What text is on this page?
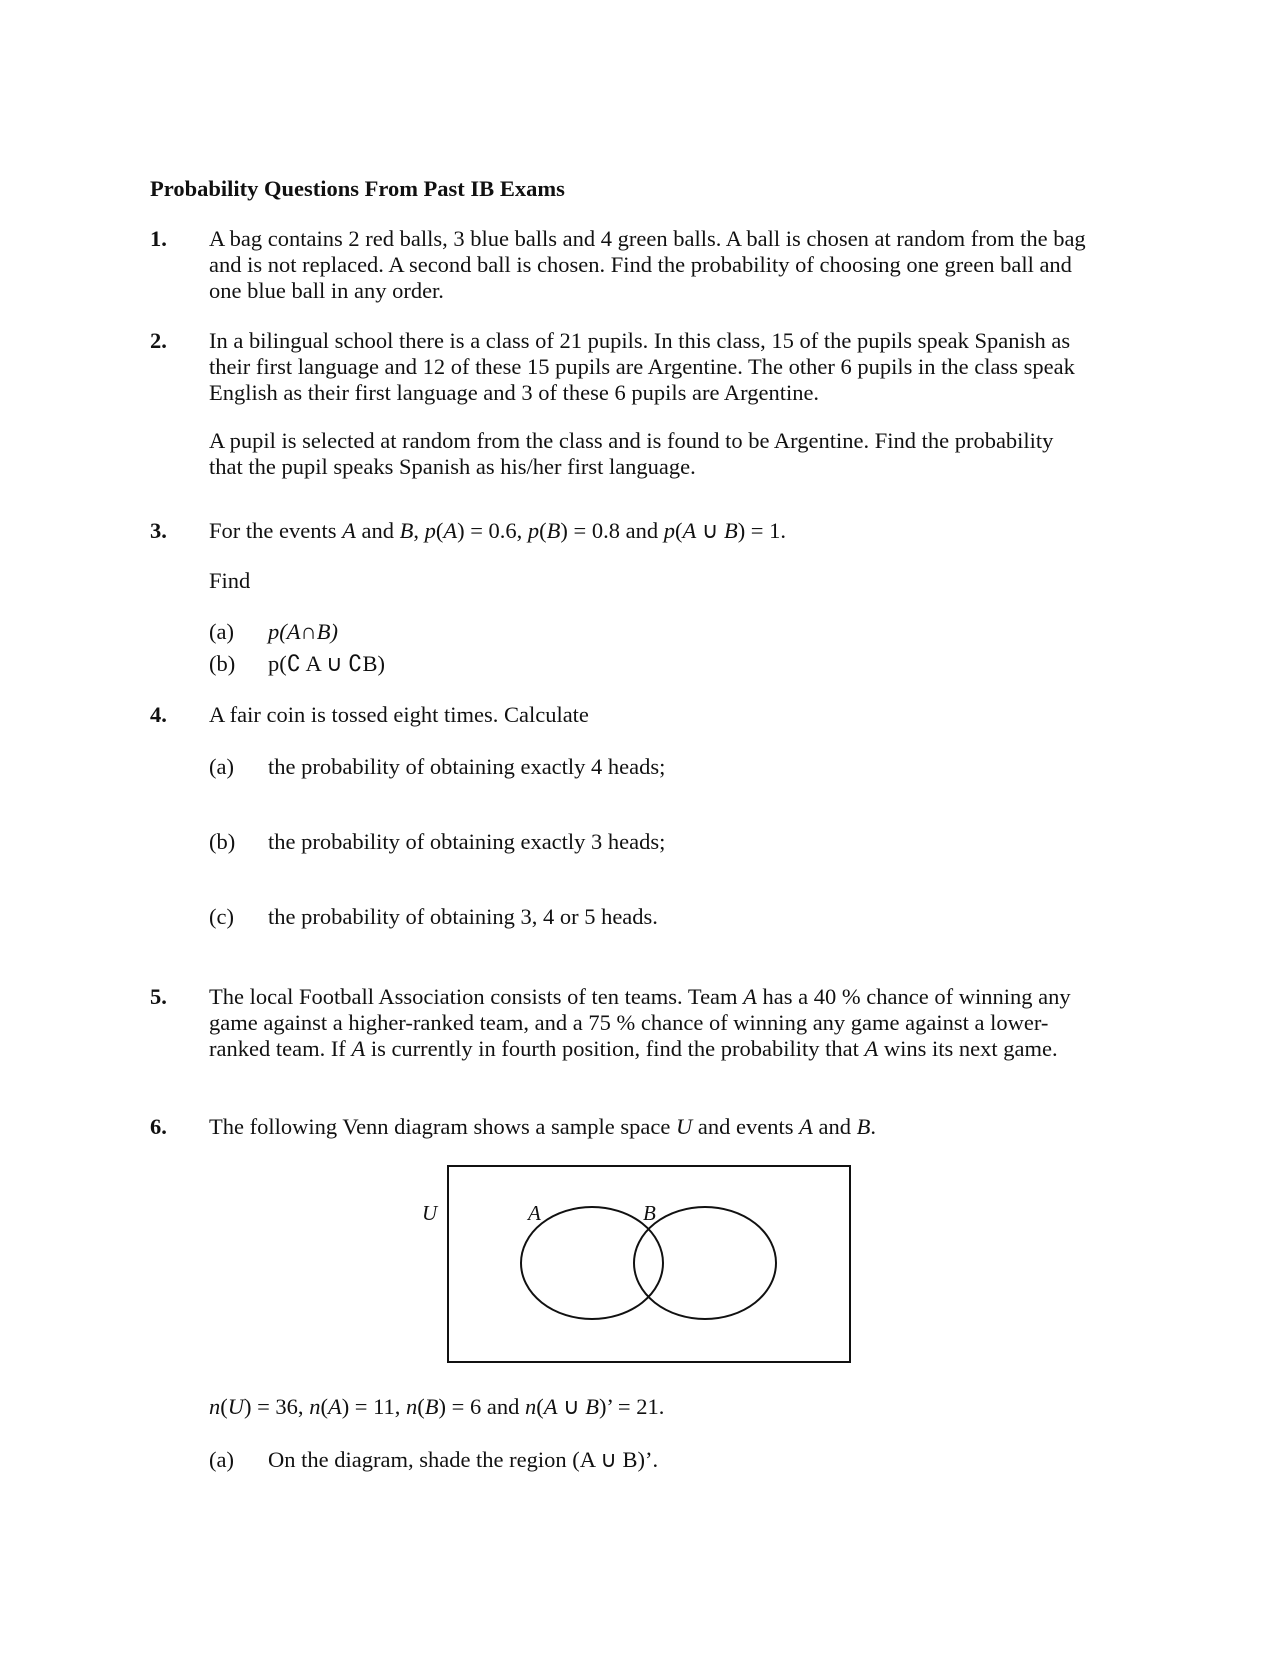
Probability Questions From Past IB Exams
1. A bag contains 2 red balls, 3 blue balls and 4 green balls. A ball is chosen at random from the bag and is not replaced. A second ball is chosen. Find the probability of choosing one green ball and one blue ball in any order.

2. In a bilingual school there is a class of 21 pupils. In this class, 15 of the pupils speak Spanish as their first language and 12 of these 15 pupils are Argentine. The other 6 pupils in the class speak English as their first language and 3 of these 6 pupils are Argentine.

A pupil is selected at random from the class and is found to be Argentine. Find the probability that the pupil speaks Spanish as his/her first language.

3. For the events A and B, p(A) = 0.6, p(B) = 0.8 and p(A ∪ B) = 1.

Find

(a) p(A∩B)
(b) p(∁ A ∪ ∁B)
4. A fair coin is tossed eight times. Calculate

(a) the probability of obtaining exactly 4 heads;
(b) the probability of obtaining exactly 3 heads;
(c) the probability of obtaining 3, 4 or 5 heads.
5. The local Football Association consists of ten teams. Team A has a 40 % chance of winning any game against a higher-ranked team, and a 75 % chance of winning any game against a lower-ranked team. If A is currently in fourth position, find the probability that A wins its next game.

6. The following Venn diagram shows a sample space U and events A and B.

U	A	B

n(U) = 36, n(A) = 11, n(B) = 6 and n(A ∪ B)’ = 21.

(a) On the diagram, shade the region (A ∪ B)’.
